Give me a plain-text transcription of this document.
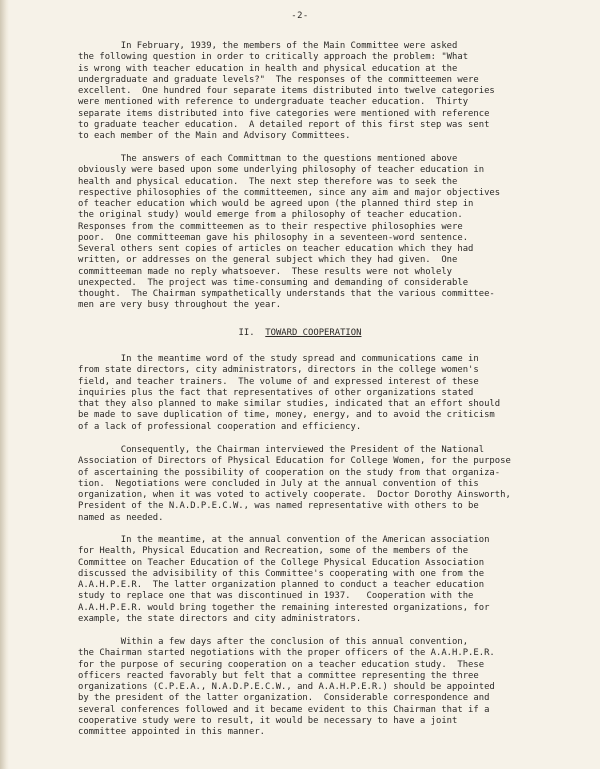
-2-
In February, 1939, the members of the Main Committee were asked
the following question in order to critically approach the problem: "What
is wrong with teacher education in health and physical education at the
undergraduate and graduate levels?"  The responses of the committeemen were
excellent.  One hundred four separate items distributed into twelve categories
were mentioned with reference to undergraduate teacher education.  Thirty
separate items distributed into five categories were mentioned with reference
to graduate teacher education.  A detailed report of this first step was sent
to each member of the Main and Advisory Committees.
The answers of each Committman to the questions mentioned above
obviously were based upon some underlying philosophy of teacher education in
health and physical education.  The next step therefore was to seek the
respective philosophies of the committeemen, since any aim and major objectives
of teacher education which would be agreed upon (the planned third step in
the original study) would emerge from a philosophy of teacher education.
Responses from the committeemen as to their respective philosophies were
poor.  One committeeman gave his philosophy in a seventeen-word sentence.
Several others sent copies of articles on teacher education which they had
written, or addresses on the general subject which they had given.  One
committeeman made no reply whatsoever.  These results were not wholely
unexpected.  The project was time-consuming and demanding of considerable
thought.  The Chairman sympathetically understands that the various committee-
men are very busy throughout the year.
II. TOWARD COOPERATION
In the meantime word of the study spread and communications came in
from state directors, city administrators, directors in the college women's
field, and teacher trainers.  The volume of and expressed interest of these
inquiries plus the fact that representatives of other organizations stated
that they also planned to make similar studies, indicated that an effort should
be made to save duplication of time, money, energy, and to avoid the criticism
of a lack of professional cooperation and efficiency.
Consequently, the Chairman interviewed the President of the National
Association of Directors of Physical Education for College Women, for the purpose
of ascertaining the possibility of cooperation on the study from that organiza-
tion.  Negotiations were concluded in July at the annual convention of this
organization, when it was voted to actively cooperate.  Doctor Dorothy Ainsworth,
President of the N.A.D.P.E.C.W., was named representative with others to be
named as needed.
In the meantime, at the annual convention of the American association
for Health, Physical Education and Recreation, some of the members of the
Committee on Teacher Education of the College Physical Education Association
discussed the advisibility of this Committee's cooperating with one from the
A.A.H.P.E.R.  The latter organization planned to conduct a teacher education
study to replace one that was discontinued in 1937.   Cooperation with the
A.A.H.P.E.R. would bring together the remaining interested organizations, for
example, the state directors and city administrators.
Within a few days after the conclusion of this annual convention,
the Chairman started negotiations with the proper officers of the A.A.H.P.E.R.
for the purpose of securing cooperation on a teacher education study.  These
officers reacted favorably but felt that a committee representing the three
organizations (C.P.E.A., N.A.D.P.E.C.W., and A.A.H.P.E.R.) should be appointed
by the president of the latter organization.  Considerable correspondence and
several conferences followed and it became evident to this Chairman that if a
cooperative study were to result, it would be necessary to have a joint
committee appointed in this manner.
